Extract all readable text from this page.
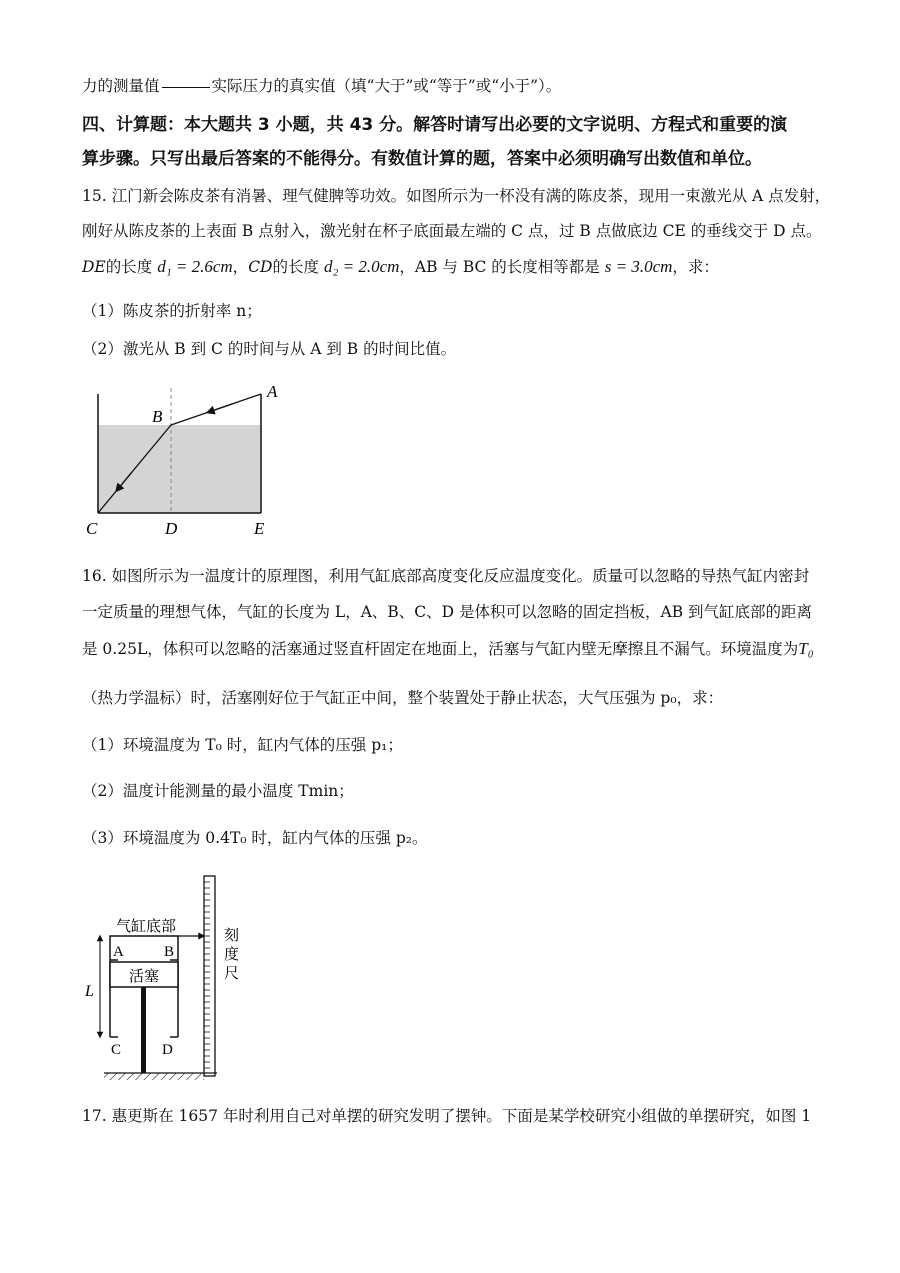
力的测量值	实际压力的真实值（填“大于”或“等于”或“小于”）。
四、计算题：本大题共 3 小题，共 43 分。解答时请写出必要的文字说明、方程式和重要的演
算步骤。只写出最后答案的不能得分。有数值计算的题，答案中必须明确写出数值和单位。
15. 江门新会陈皮茶有消暑、理气健脾等功效。如图所示为一杯没有满的陈皮茶，现用一束激光从 A 点发射，
刚好从陈皮茶的上表面 B 点射入，激光射在杯子底面最左端的 C 点，过 B 点做底边 CE 的垂线交于 D 点。
DE的长度 d₁ = 2.6cm，CD的长度 d₂ = 2.0cm，AB 与 BC 的长度相等都是 s = 3.0cm，求：
（1）陈皮茶的折射率 n；
（2）激光从 B 到 C 的时间与从 A 到 B 的时间比值。
A
B
C	D	E
16. 如图所示为一温度计的原理图，利用气缸底部高度变化反应温度变化。质量可以忽略的导热气缸内密封
一定质量的理想气体，气缸的长度为 L，A、B、C、D 是体积可以忽略的固定挡板，AB 到气缸底部的距离
是 0.25L，体积可以忽略的活塞通过竖直杆固定在地面上，活塞与气缸内壁无摩擦且不漏气。环境温度为T₀
（热力学温标）时，活塞刚好位于气缸正中间，整个装置处于静止状态，大气压强为 p₀，求：
（1）环境温度为 T₀ 时，缸内气体的压强 p₁；
（2）温度计能测量的最小温度 Tmin；
（3）环境温度为 0.4T₀ 时，缸内气体的压强 p₂。
气缸底部
A	B
活塞
C	D
L
刻
度
尺
17. 惠更斯在 1657 年时利用自己对单摆的研究发明了摆钟。下面是某学校研究小组做的单摆研究，如图 1
